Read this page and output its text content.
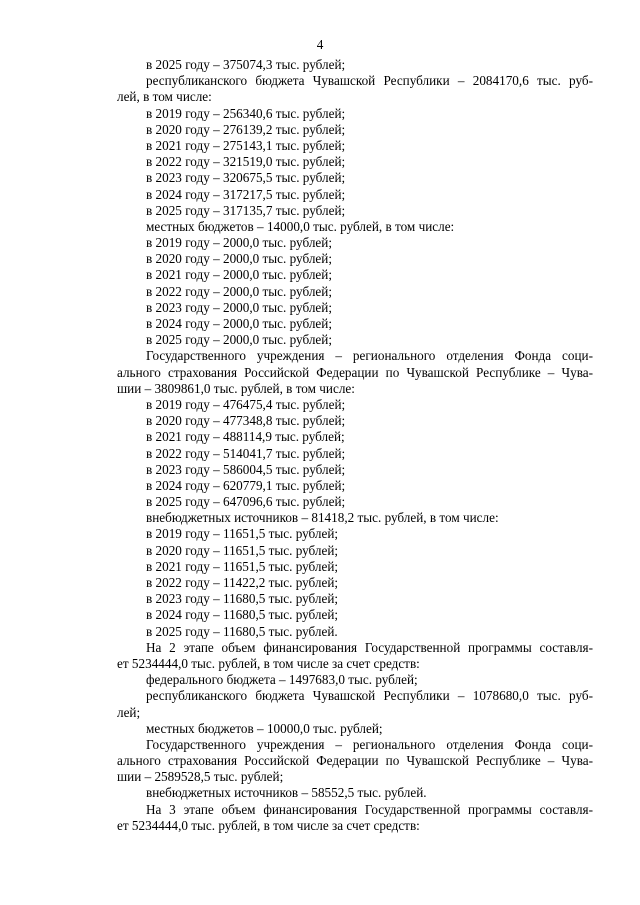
4
в 2025 году – 375074,3 тыс. рублей;
республиканского бюджета Чувашской Республики – 2084170,6 тыс. руб-
лей, в том числе:
в 2019 году – 256340,6 тыс. рублей;
в 2020 году – 276139,2 тыс. рублей;
в 2021 году – 275143,1 тыс. рублей;
в 2022 году – 321519,0 тыс. рублей;
в 2023 году – 320675,5 тыс. рублей;
в 2024 году – 317217,5 тыс. рублей;
в 2025 году – 317135,7 тыс. рублей;
местных бюджетов – 14000,0 тыс. рублей, в том числе:
в 2019 году – 2000,0 тыс. рублей;
в 2020 году – 2000,0 тыс. рублей;
в 2021 году – 2000,0 тыс. рублей;
в 2022 году – 2000,0 тыс. рублей;
в 2023 году – 2000,0 тыс. рублей;
в 2024 году – 2000,0 тыс. рублей;
в 2025 году – 2000,0 тыс. рублей;
Государственного учреждения – регионального отделения Фонда соци-
ального страхования Российской Федерации по Чувашской Республике – Чува-
шии – 3809861,0 тыс. рублей, в том числе:
в 2019 году – 476475,4 тыс. рублей;
в 2020 году – 477348,8 тыс. рублей;
в 2021 году – 488114,9 тыс. рублей;
в 2022 году – 514041,7 тыс. рублей;
в 2023 году – 586004,5 тыс. рублей;
в 2024 году – 620779,1 тыс. рублей;
в 2025 году – 647096,6 тыс. рублей;
внебюджетных источников – 81418,2 тыс. рублей, в том числе:
в 2019 году – 11651,5 тыс. рублей;
в 2020 году – 11651,5 тыс. рублей;
в 2021 году – 11651,5 тыс. рублей;
в 2022 году – 11422,2 тыс. рублей;
в 2023 году – 11680,5 тыс. рублей;
в 2024 году – 11680,5 тыс. рублей;
в 2025 году – 11680,5 тыс. рублей.
На 2 этапе объем финансирования Государственной программы составля-
ет 5234444,0 тыс. рублей, в том числе за счет средств:
федерального бюджета – 1497683,0 тыс. рублей;
республиканского бюджета Чувашской Республики – 1078680,0 тыс. руб-
лей;
местных бюджетов – 10000,0 тыс. рублей;
Государственного учреждения – регионального отделения Фонда соци-
ального страхования Российской Федерации по Чувашской Республике – Чува-
шии – 2589528,5 тыс. рублей;
внебюджетных источников – 58552,5 тыс. рублей.
На 3 этапе объем финансирования Государственной программы составля-
ет 5234444,0 тыс. рублей, в том числе за счет средств:
